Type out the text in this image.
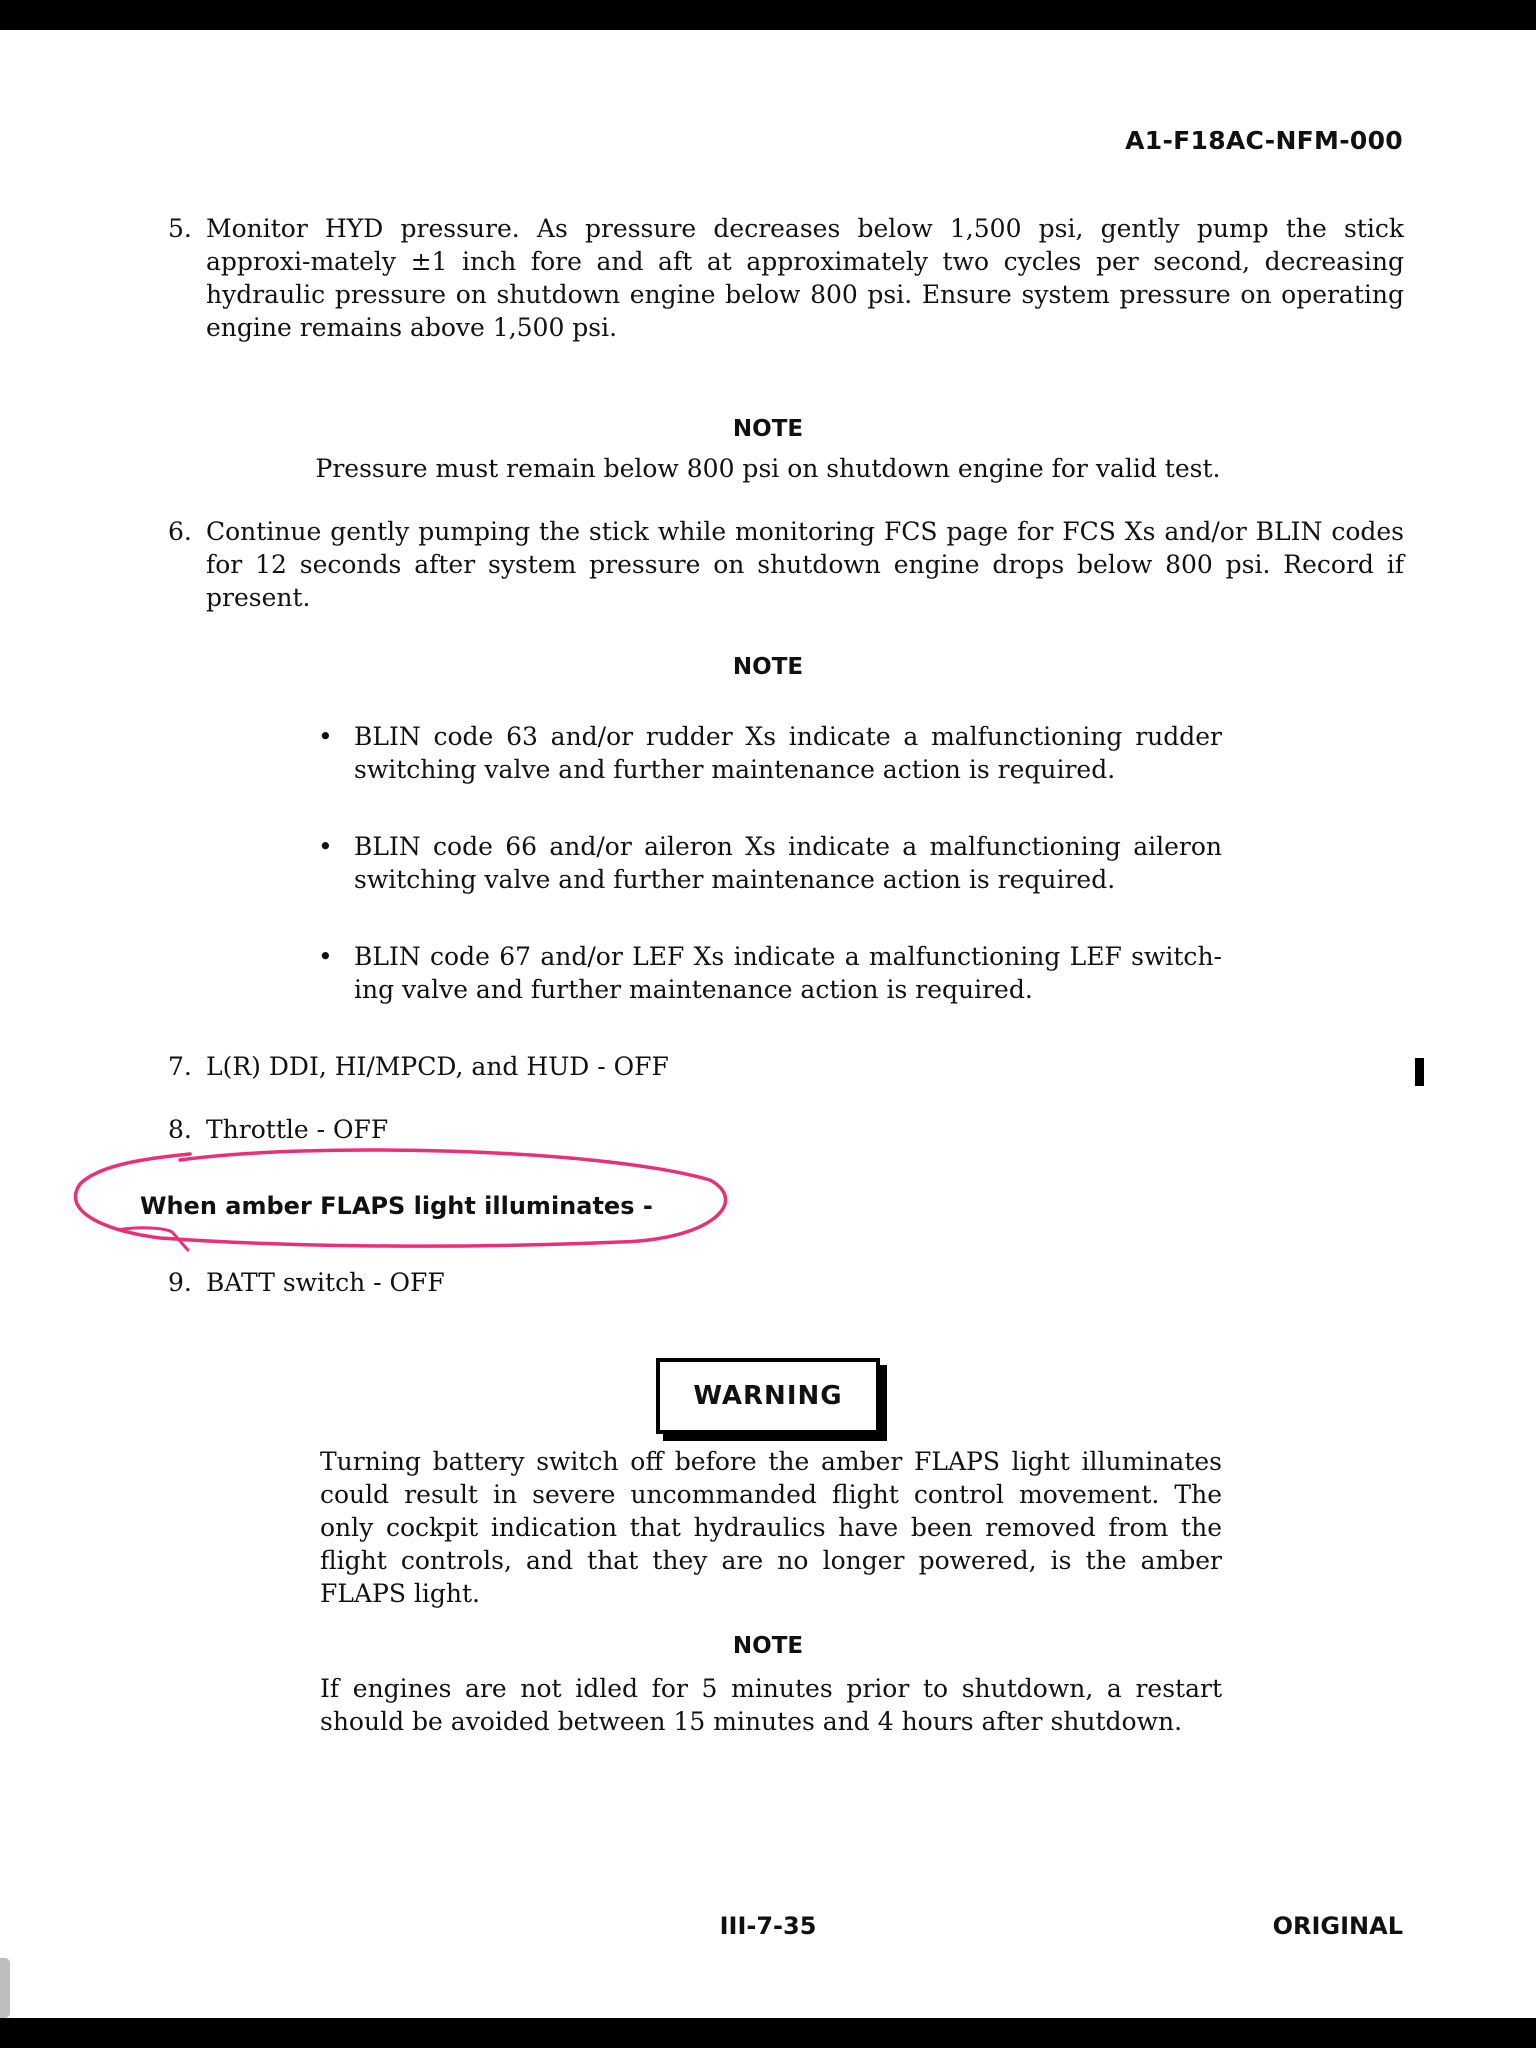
A1-F18AC-NFM-000
5. Monitor HYD pressure. As pressure decreases below 1,500 psi, gently pump the stick approxi-mately ±1 inch fore and aft at approximately two cycles per second, decreasing hydraulic pressure on shutdown engine below 800 psi. Ensure system pressure on operating engine remains above 1,500 psi.
NOTE
Pressure must remain below 800 psi on shutdown engine for valid test.
6. Continue gently pumping the stick while monitoring FCS page for FCS Xs and/or BLIN codes for 12 seconds after system pressure on shutdown engine drops below 800 psi. Record if present.
NOTE
• BLIN code 63 and/or rudder Xs indicate a malfunctioning rudder switching valve and further maintenance action is required.
• BLIN code 66 and/or aileron Xs indicate a malfunctioning aileron switching valve and further maintenance action is required.
• BLIN code 67 and/or LEF Xs indicate a malfunctioning LEF switch-ing valve and further maintenance action is required.
7. L(R) DDI, HI/MPCD, and HUD - OFF
8. Throttle - OFF
When amber FLAPS light illuminates -
9. BATT switch - OFF
WARNING
Turning battery switch off before the amber FLAPS light illuminates could result in severe uncommanded flight control movement. The only cockpit indication that hydraulics have been removed from the flight controls, and that they are no longer powered, is the amber FLAPS light.
NOTE
If engines are not idled for 5 minutes prior to shutdown, a restart should be avoided between 15 minutes and 4 hours after shutdown.
III-7-35	ORIGINAL
